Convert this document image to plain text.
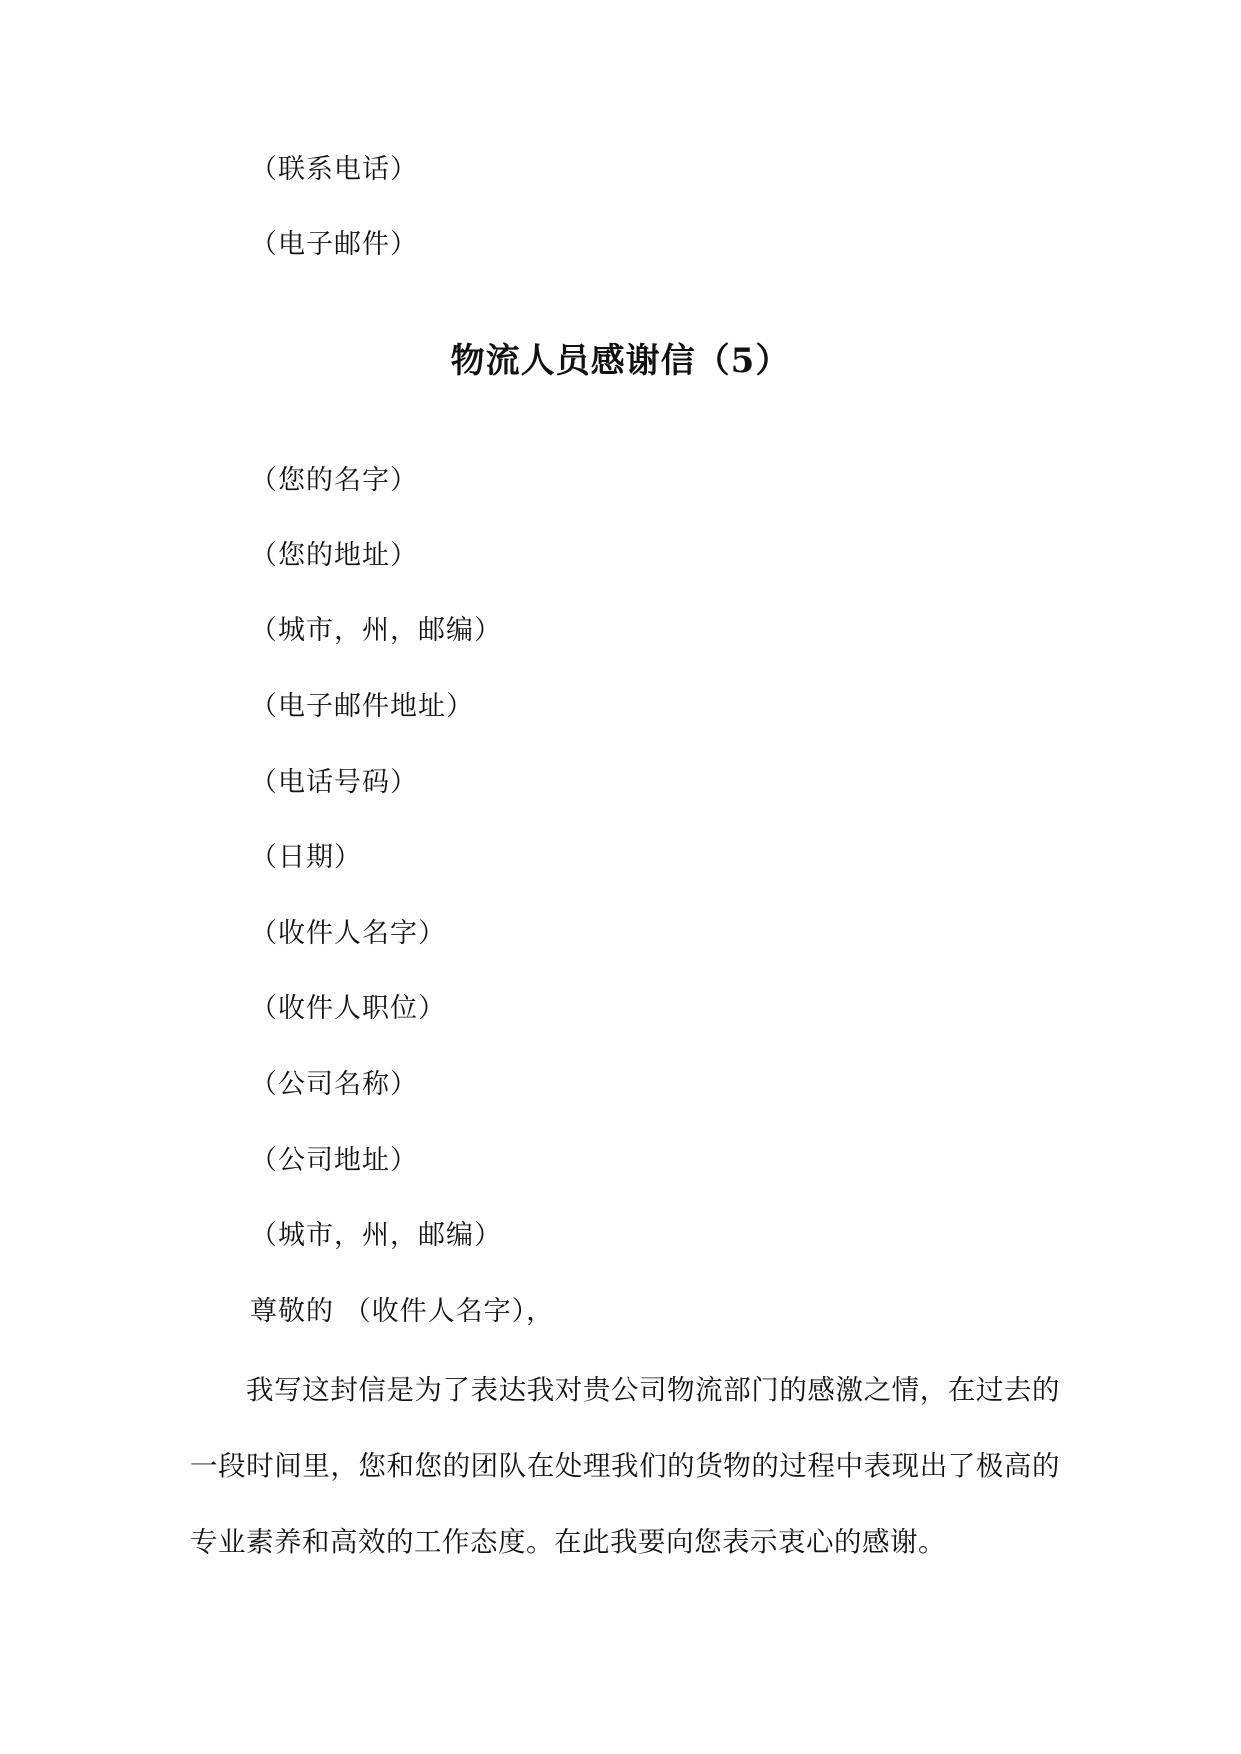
（联系电话）
（电子邮件）
物流人员感谢信（5）
（您的名字）
（您的地址）
（城市，州，邮编）
（电子邮件地址）
（电话号码）
（日期）
（收件人名字）
（收件人职位）
（公司名称）
（公司地址）
（城市，州，邮编）
尊敬的 （收件人名字），
我写这封信是为了表达我对贵公司物流部门的感激之情，在过去的一段时间里，您和您的团队在处理我们的货物的过程中表现出了极高的专业素养和高效的工作态度。在此我要向您表示衷心的感谢。
